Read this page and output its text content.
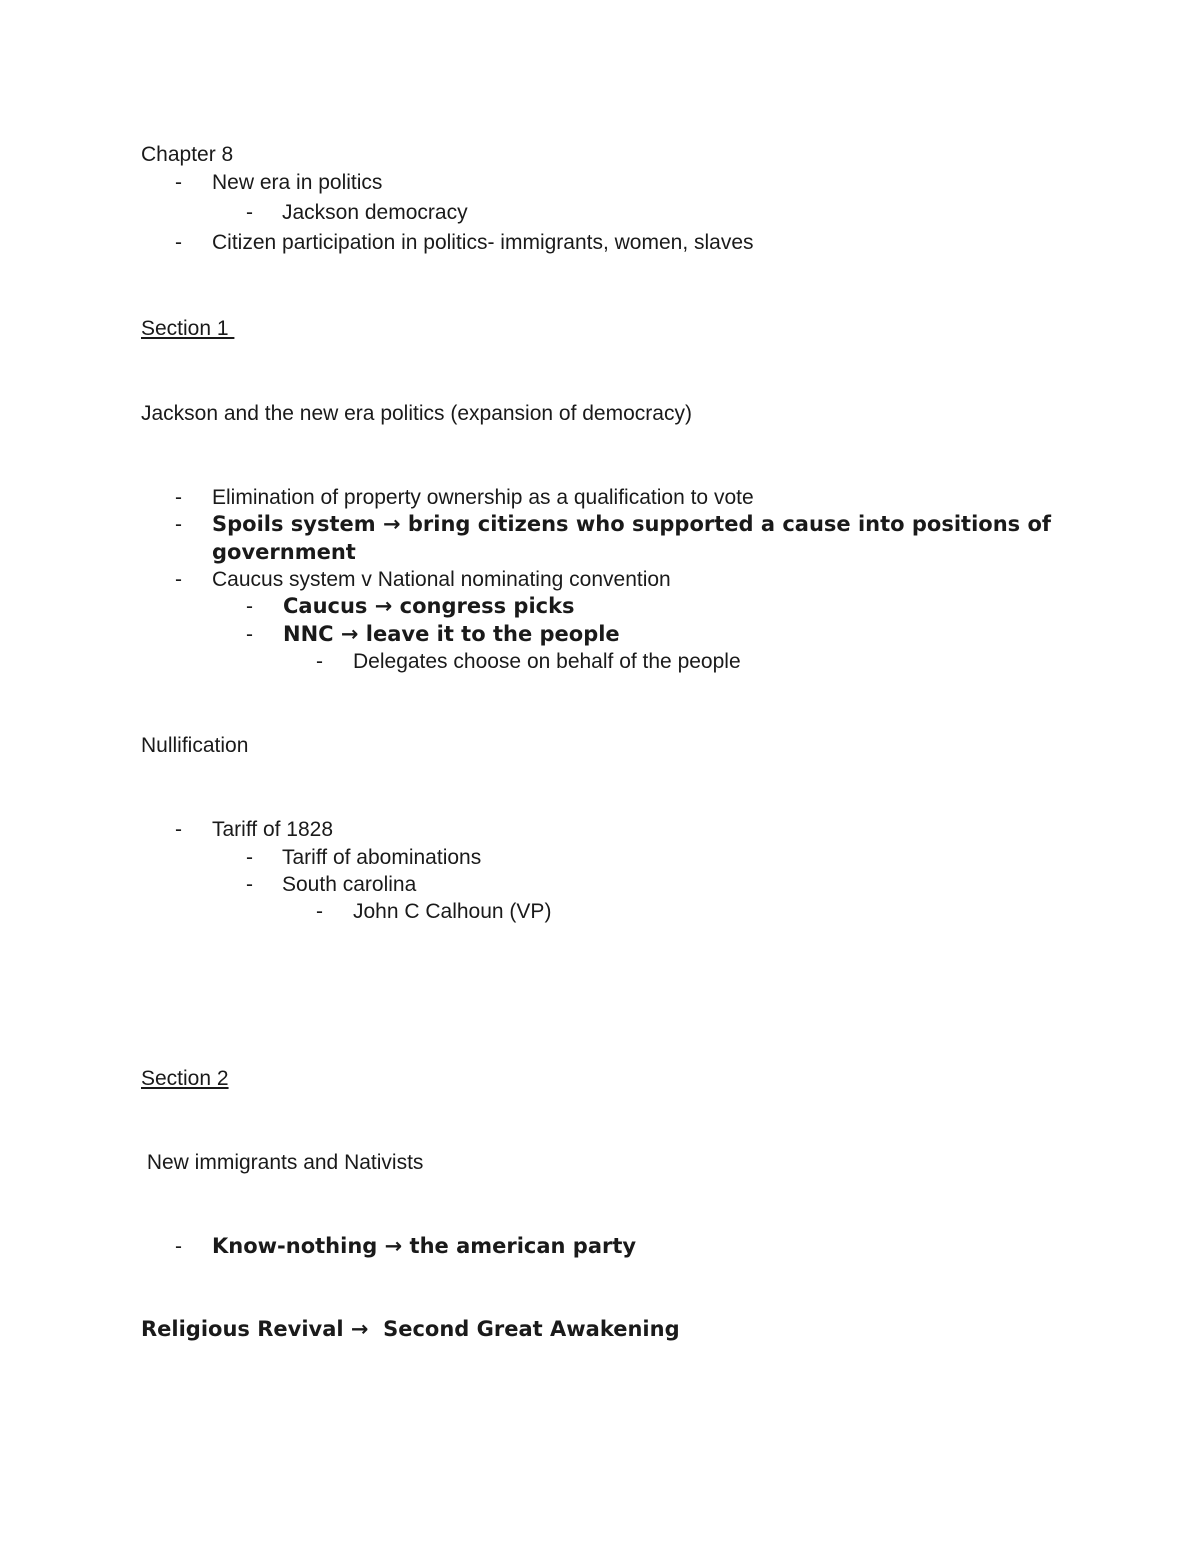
Chapter 8
- New era in politics
- Jackson democracy
- Citizen participation in politics- immigrants, women, slaves
Section 1
Jackson and the new era politics (expansion of democracy)
- Elimination of property ownership as a qualification to vote
- Spoils system → bring citizens who supported a cause into positions of
government
- Caucus system v National nominating convention
- Caucus → congress picks
- NNC → leave it to the people
- Delegates choose on behalf of the people
Nullification
- Tariff of 1828
- Tariff of abominations
- South carolina
- John C Calhoun (VP)
Section 2
New immigrants and Nativists
- Know-nothing → the american party
Religious Revival →  Second Great Awakening
